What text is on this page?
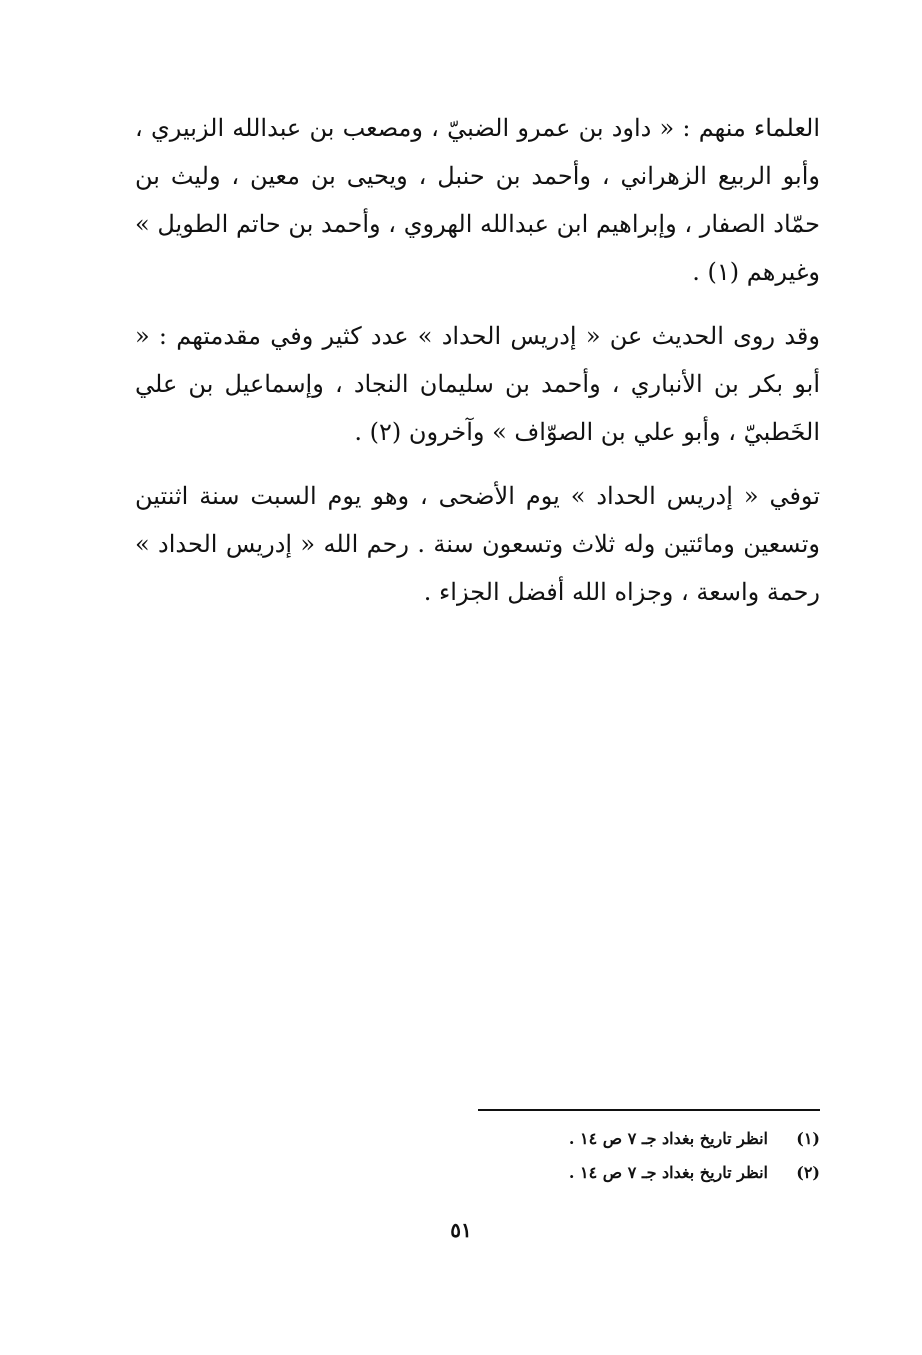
العلماء منهم : « داود بن عمرو الضبيّ ، ومصعب بن عبدالله الزبيري ، وأبو الربيع الزهراني ، وأحمد بن حنبل ، ويحيى بن معين ، وليث بن حمّاد الصفار ، وإبراهيم ابن عبدالله الهروي ، وأحمد بن حاتم الطويل » وغيرهم (١) .

وقد روى الحديث عن « إدريس الحداد » عدد كثير وفي مقدمتهم : « أبو بكر بن الأنباري ، وأحمد بن سليمان النجاد ، وإسماعيل بن علي الخَطبيّ ، وأبو علي بن الصوّاف » وآخرون (٢) .

توفي « إدريس الحداد » يوم الأضحى ، وهو يوم السبت سنة اثنتين وتسعين ومائتين وله ثلاث وتسعون سنة . رحم الله « إدريس الحداد » رحمة واسعة ، وجزاه الله أفضل الجزاء .

(١)
انظر تاريخ بغداد جـ ٧ ص ١٤ .
(٢)
انظر تاريخ بغداد جـ ٧ ص ١٤ .
٥١
